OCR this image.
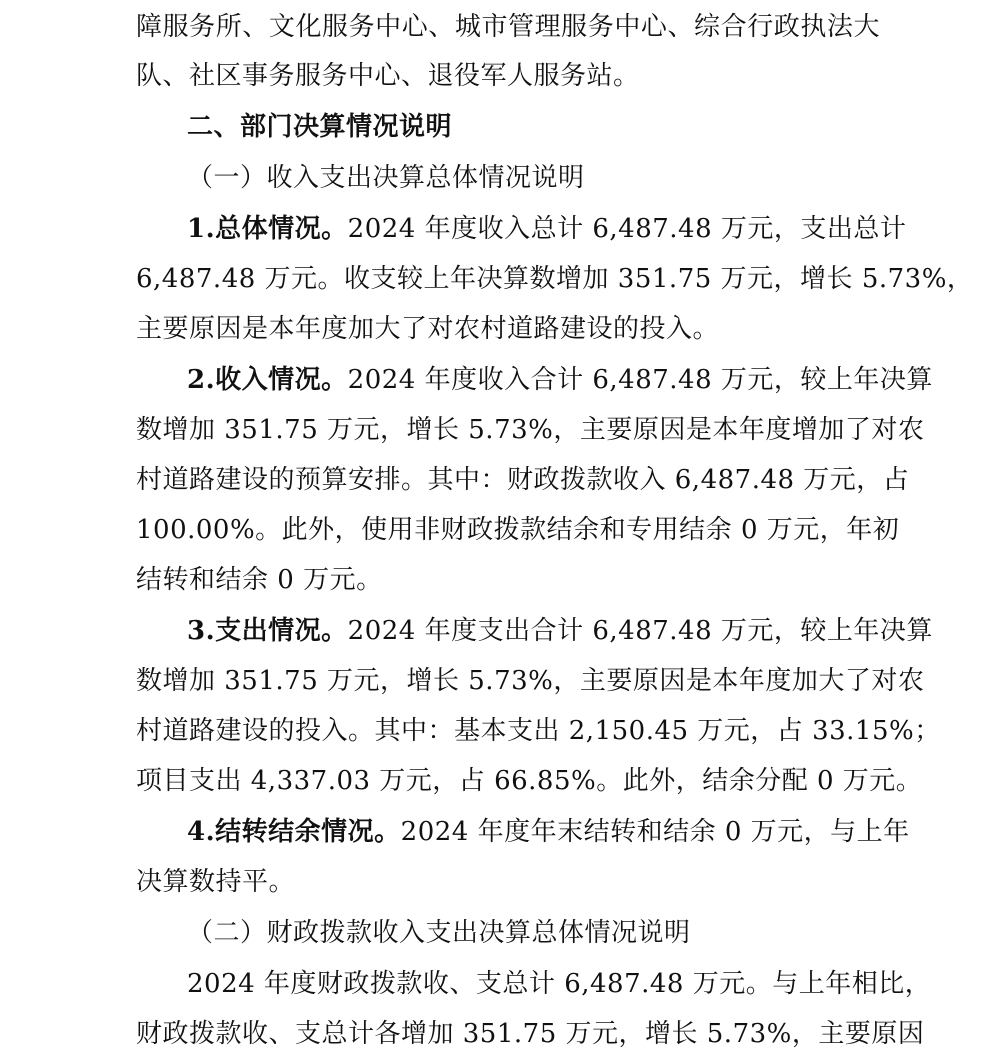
障服务所、文化服务中心、城市管理服务中心、综合行政执法大
队、社区事务服务中心、退役军人服务站。
二、部门决算情况说明
（一）收入支出决算总体情况说明
1.总体情况。2024 年度收入总计 6,487.48 万元，支出总计
6,487.48 万元。收支较上年决算数增加 351.75 万元，增长 5.73%，
主要原因是本年度加大了对农村道路建设的投入。
2.收入情况。2024 年度收入合计 6,487.48 万元，较上年决算
数增加 351.75 万元，增长 5.73%，主要原因是本年度增加了对农
村道路建设的预算安排。其中：财政拨款收入 6,487.48 万元，占
100.00%。此外，使用非财政拨款结余和专用结余 0 万元，年初
结转和结余 0 万元。
3.支出情况。2024 年度支出合计 6,487.48 万元，较上年决算
数增加 351.75 万元，增长 5.73%，主要原因是本年度加大了对农
村道路建设的投入。其中：基本支出 2,150.45 万元，占 33.15%；
项目支出 4,337.03 万元，占 66.85%。此外，结余分配 0 万元。
4.结转结余情况。2024 年度年末结转和结余 0 万元，与上年
决算数持平。
（二）财政拨款收入支出决算总体情况说明
2024 年度财政拨款收、支总计 6,487.48 万元。与上年相比，
财政拨款收、支总计各增加 351.75 万元，增长 5.73%，主要原因
